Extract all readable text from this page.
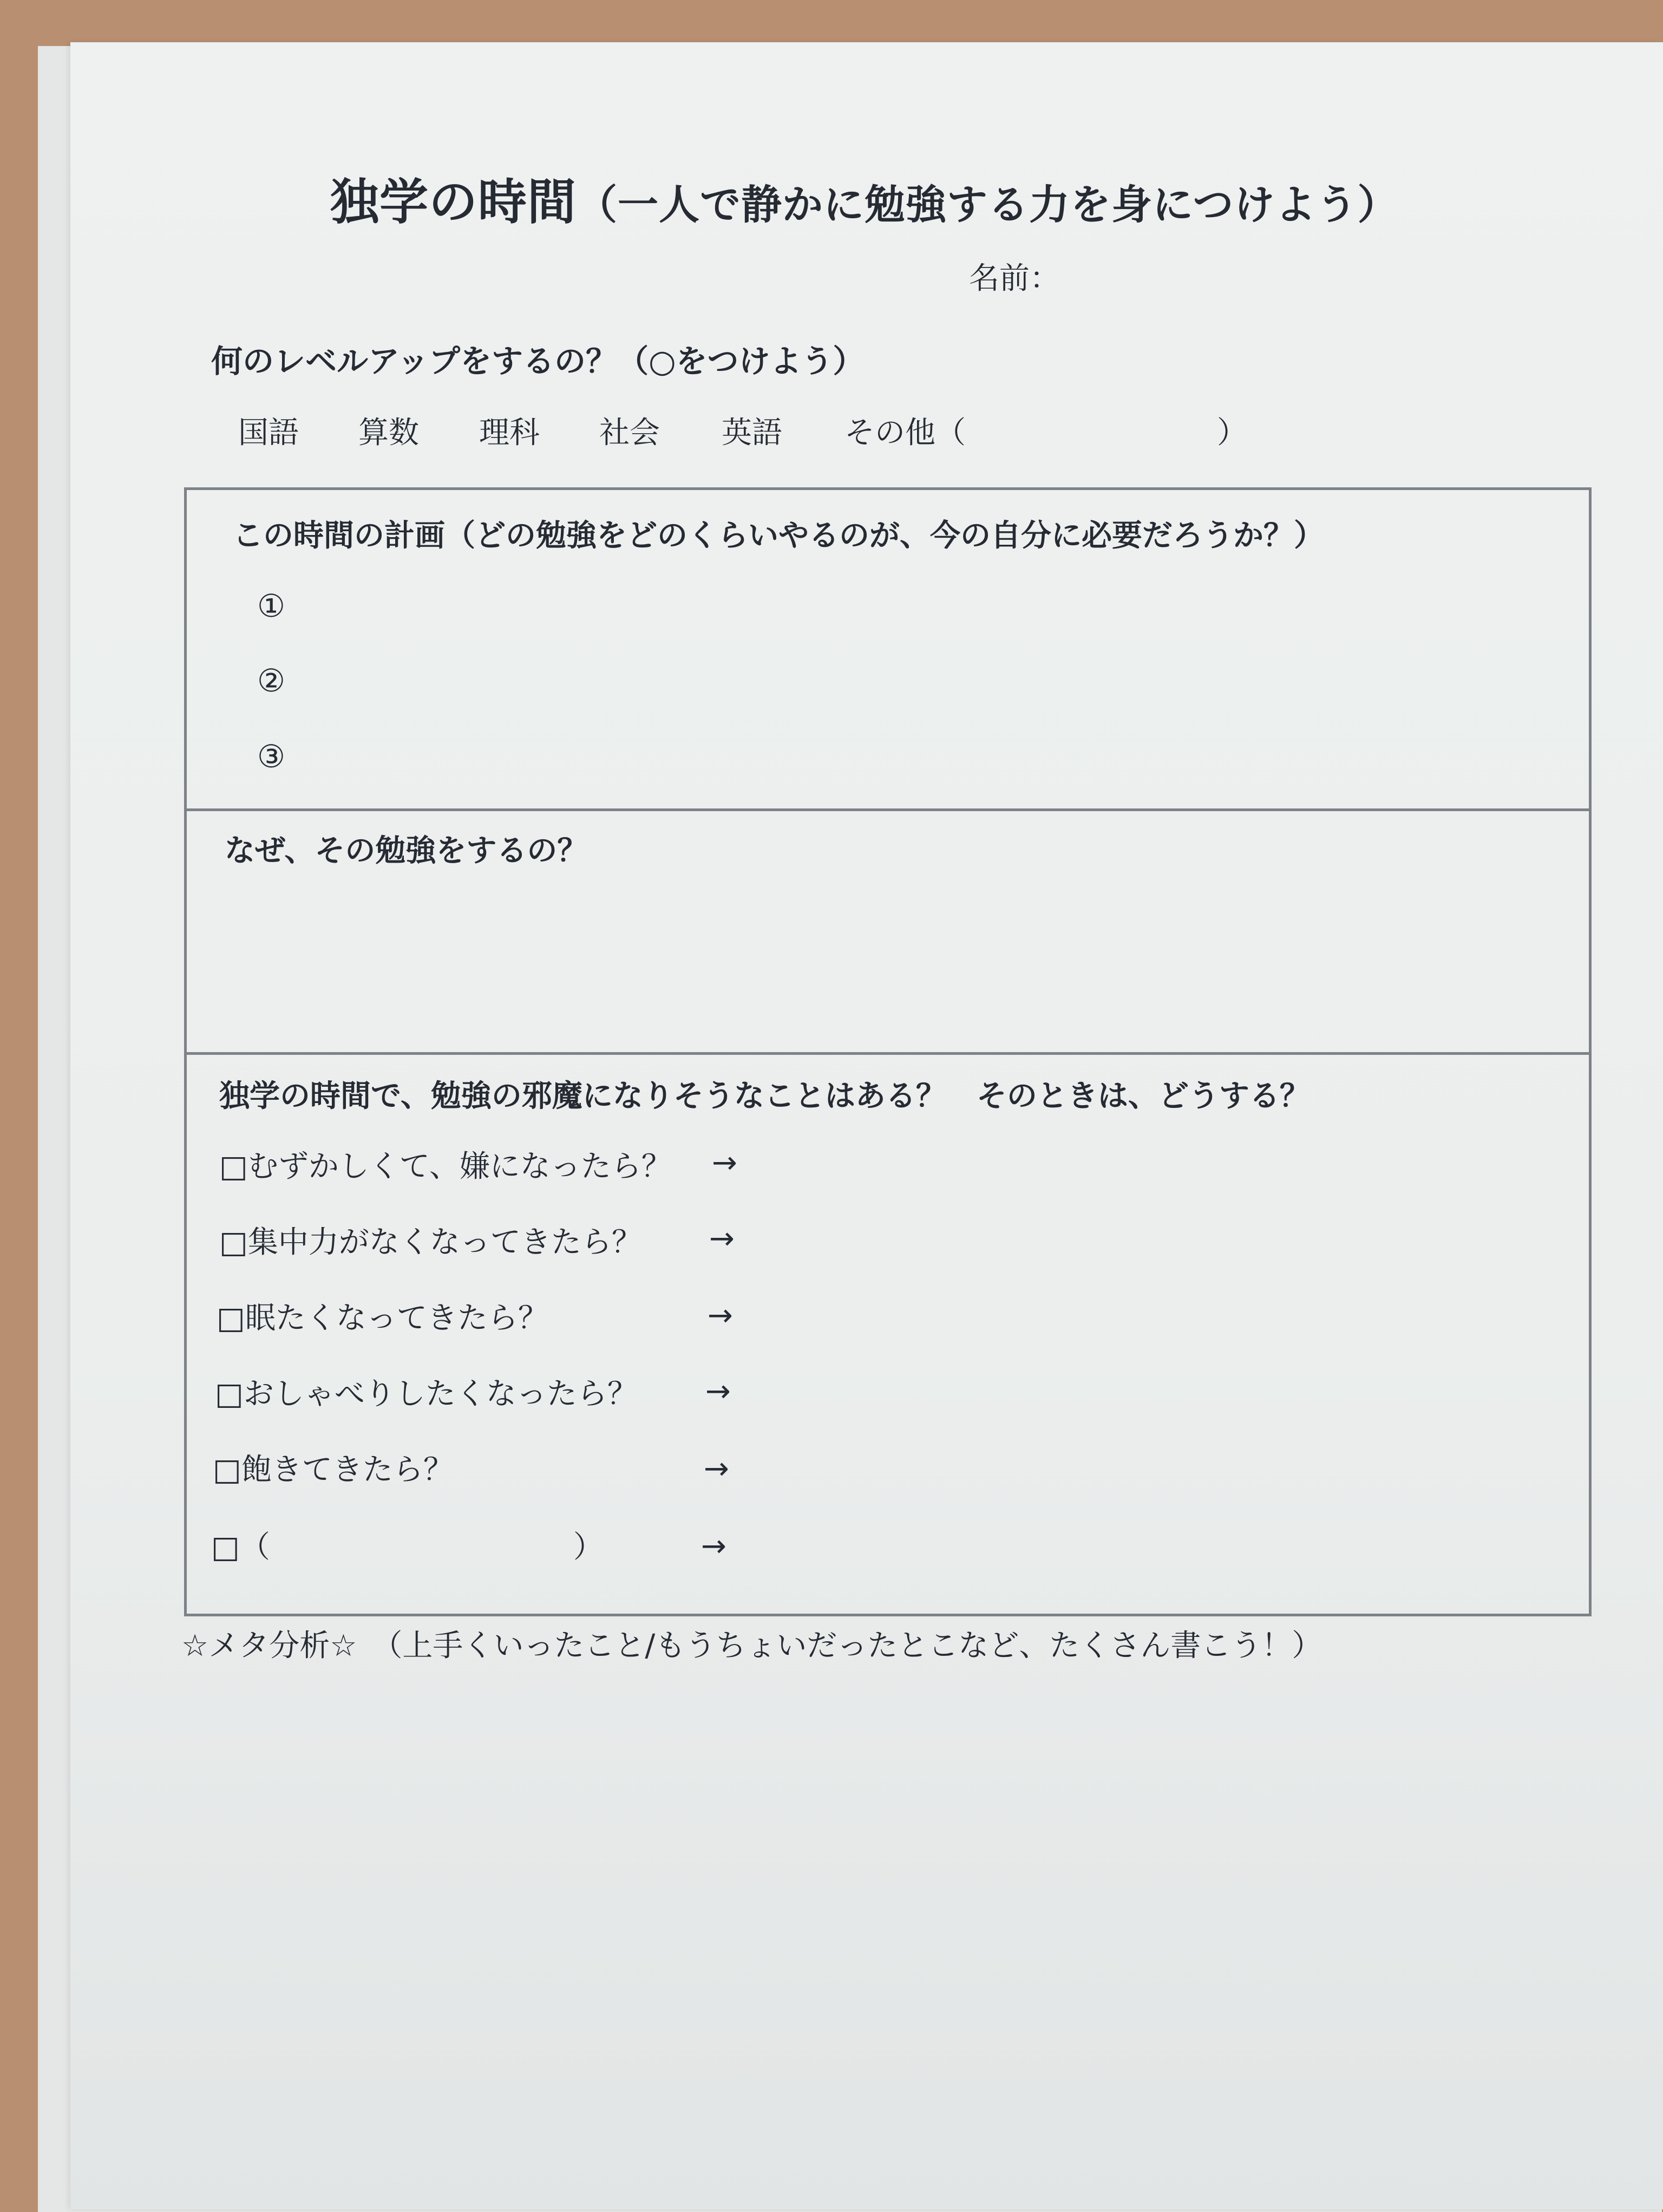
独学の時間（一人で静かに勉強する力を身につけよう）
名前：
何のレベルアップをするの？（○をつけよう）
国語 算数 理科 社会 英語 その他（	）
この時間の計画（どの勉強をどのくらいやるのが、今の自分に必要だろうか？）
①
②
③
なぜ、その勉強をするの？
独学の時間で、勉強の邪魔になりそうなことはある？　そのときは、どうする？
□むずかしくて、嫌になったら？ →
□集中力がなくなってきたら？ →
□眠たくなってきたら？	→
□おしゃべりしたくなったら？ →
□飽きてきたら？	→
□（　　　　　　　　　　）	→
☆メタ分析☆　（上手くいったこと/もうちょいだったとこなど、たくさん書こう！）
